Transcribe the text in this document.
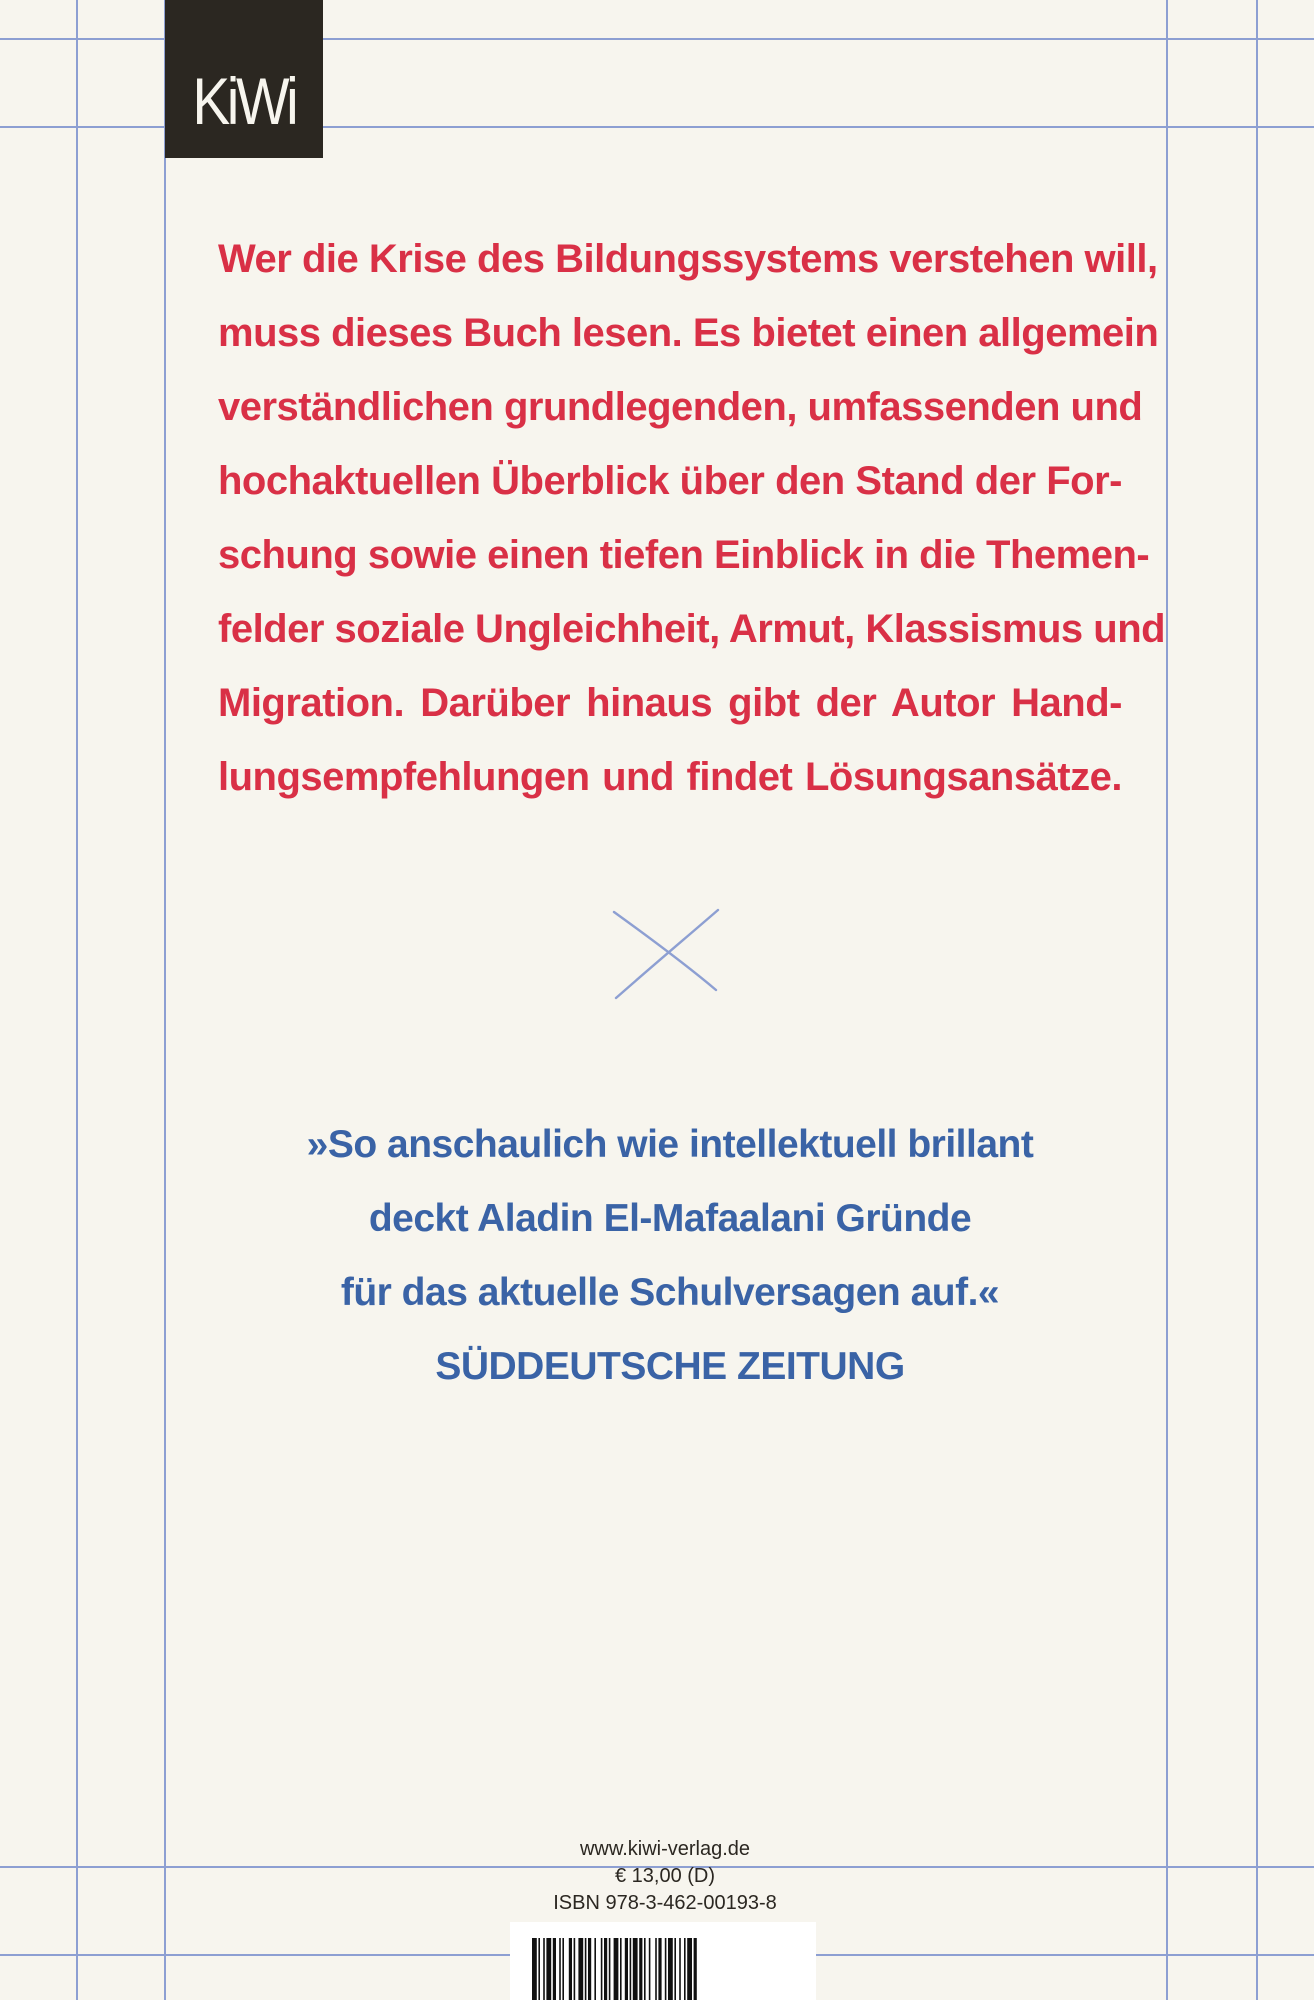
KiWi
Wer die Krise des Bildungssystems verstehen will,
muss dieses Buch lesen. Es bietet einen allgemein
verständlichen grundlegenden, umfassenden und
hochaktuellen Überblick über den Stand der For-
schung sowie einen tiefen Einblick in die Themen-
felder soziale Ungleichheit, Armut, Klassismus und
Migration. Darüber hinaus gibt der Autor Hand-
lungsempfehlungen und findet Lösungsansätze.
»So anschaulich wie intellektuell brillant
deckt Aladin El-Mafaalani Gründe
für das aktuelle Schulversagen auf.«
SÜDDEUTSCHE ZEITUNG
www.kiwi-verlag.de
€ 13,00 (D)
ISBN 978-3-462-00193-8
